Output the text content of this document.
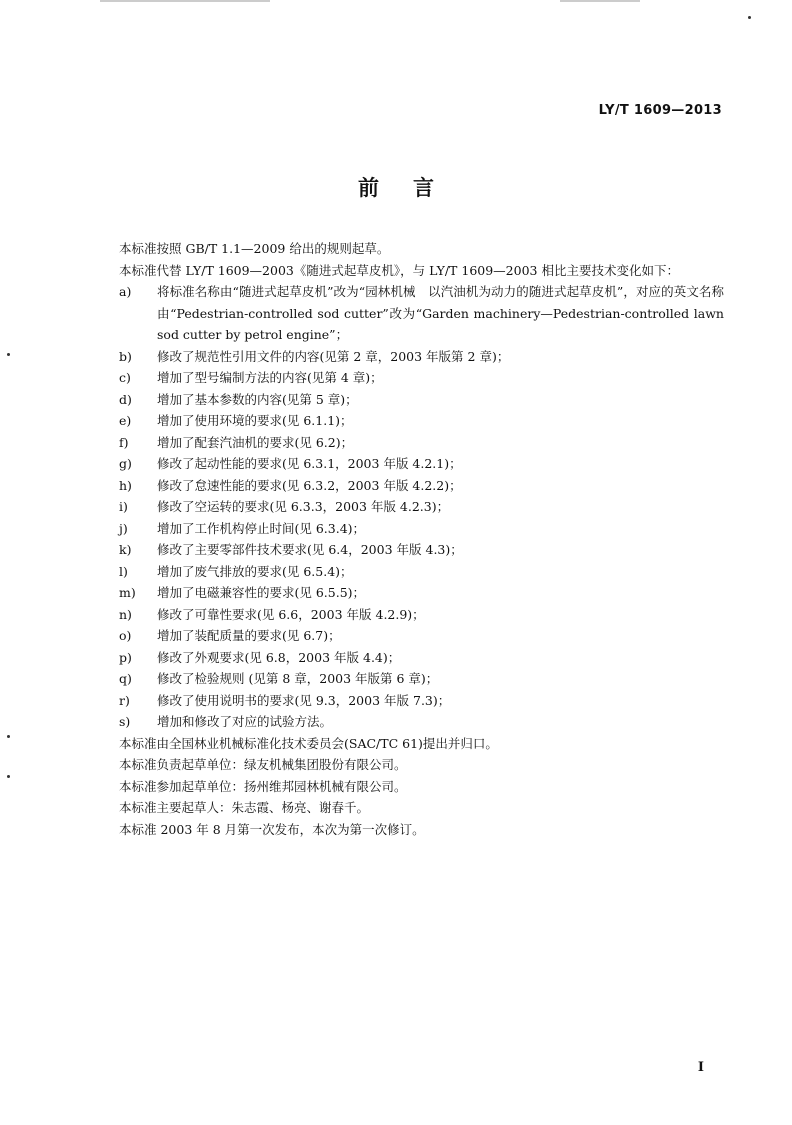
LY/T 1609—2013
前言
本标准按照 GB/T 1.1—2009 给出的规则起草。
本标准代替 LY/T 1609—2003《随进式起草皮机》，与 LY/T 1609—2003 相比主要技术变化如下：
a)	将标准名称由“随进式起草皮机”改为“园林机械　以汽油机为动力的随进式起草皮机”，对应的英文名称由“Pedestrian-controlled sod cutter”改为“Garden machinery—Pedestrian-controlled lawn sod cutter by petrol engine”；
b)	修改了规范性引用文件的内容(见第 2 章，2003 年版第 2 章)；
c)	增加了型号编制方法的内容(见第 4 章)；
d)	增加了基本参数的内容(见第 5 章)；
e)	增加了使用环境的要求(见 6.1.1)；
f)	增加了配套汽油机的要求(见 6.2)；
g)	修改了起动性能的要求(见 6.3.1，2003 年版 4.2.1)；
h)	修改了怠速性能的要求(见 6.3.2，2003 年版 4.2.2)；
i)	修改了空运转的要求(见 6.3.3，2003 年版 4.2.3)；
j)	增加了工作机构停止时间(见 6.3.4)；
k)	修改了主要零部件技术要求(见 6.4，2003 年版 4.3)；
l)	增加了废气排放的要求(见 6.5.4)；
m)	增加了电磁兼容性的要求(见 6.5.5)；
n)	修改了可靠性要求(见 6.6，2003 年版 4.2.9)；
o)	增加了装配质量的要求(见 6.7)；
p)	修改了外观要求(见 6.8，2003 年版 4.4)；
q)	修改了检验规则 (见第 8 章，2003 年版第 6 章)；
r)	修改了使用说明书的要求(见 9.3，2003 年版 7.3)；
s)	增加和修改了对应的试验方法。
本标准由全国林业机械标准化技术委员会(SAC/TC 61)提出并归口。
本标准负责起草单位：绿友机械集团股份有限公司。
本标准参加起草单位：扬州维邦园林机械有限公司。
本标准主要起草人：朱志霞、杨亮、谢春千。
本标准 2003 年 8 月第一次发布，本次为第一次修订。
I
